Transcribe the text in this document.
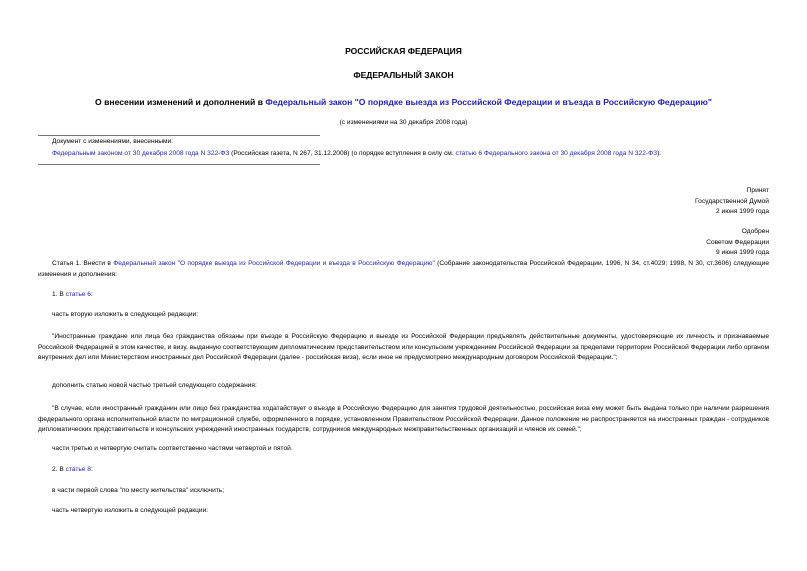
РОССИЙСКАЯ ФЕДЕРАЦИЯ
ФЕДЕРАЛЬНЫЙ ЗАКОН
О внесении изменений и дополнений в Федеральный закон "О порядке выезда из Российской Федерации и въезда в Российскую Федерацию"
(с изменениями на 30 декабря 2008 года)
Документ с изменениями, внесенными:
Федеральным законом от 30 декабря 2008 года N 322-ФЗ (Российская газета, N 267, 31.12.2008) (о порядке вступления в силу см. статью 6 Федерального закона от 30 декабря 2008 года N 322-ФЗ).
Принят
Государственной Думой
2 июня 1999 года
Одобрен
Советом Федерации
9 июня 1999 года
Статья 1. Внести в Федеральный закон "О порядке выезда из Российской Федерации и въезда в Российскую Федерацию" (Собрание законодательства Российской Федерации, 1996, N 34, ст.4029; 1998, N 30, ст.3606) следующие изменения и дополнения:
1. В статье 6:
часть вторую изложить в следующей редакции:
"Иностранные граждане или лица без гражданства обязаны при въезде в Российскую Федерацию и выезде из Российской Федерации предъявлять действительные документы, удостоверяющие их личность и признаваемые Российской Федерацией в этом качестве, и визу, выданную соответствующим дипломатическим представительством или консульским учреждением Российской Федерации за пределами территории Российской Федерации либо органом внутренних дел или Министерством иностранных дел Российской Федерации (далее - российская виза), если иное не предусмотрено международным договором Российской Федерации.";
дополнить статью новой частью третьей следующего содержания:
"В случае, если иностранный гражданин или лицо без гражданства ходатайствует о въезде в Российскую Федерацию для занятия трудовой деятельностью, российская виза ему может быть выдана только при наличии разрешения федерального органа исполнительной власти по миграционной службе, оформленного в порядке, установленном Правительством Российской Федерации. Данное положение не распространяется на иностранных граждан - сотрудников дипломатических представительств и консульских учреждений иностранных государств, сотрудников международных межправительственных организаций и членов их семей.";
части третью и четвертую считать соответственно частями четвертой и пятой.
2. В статье 8:
в части первой слова "по месту жительства" исключить;
часть четвертую изложить в следующей редакции:
